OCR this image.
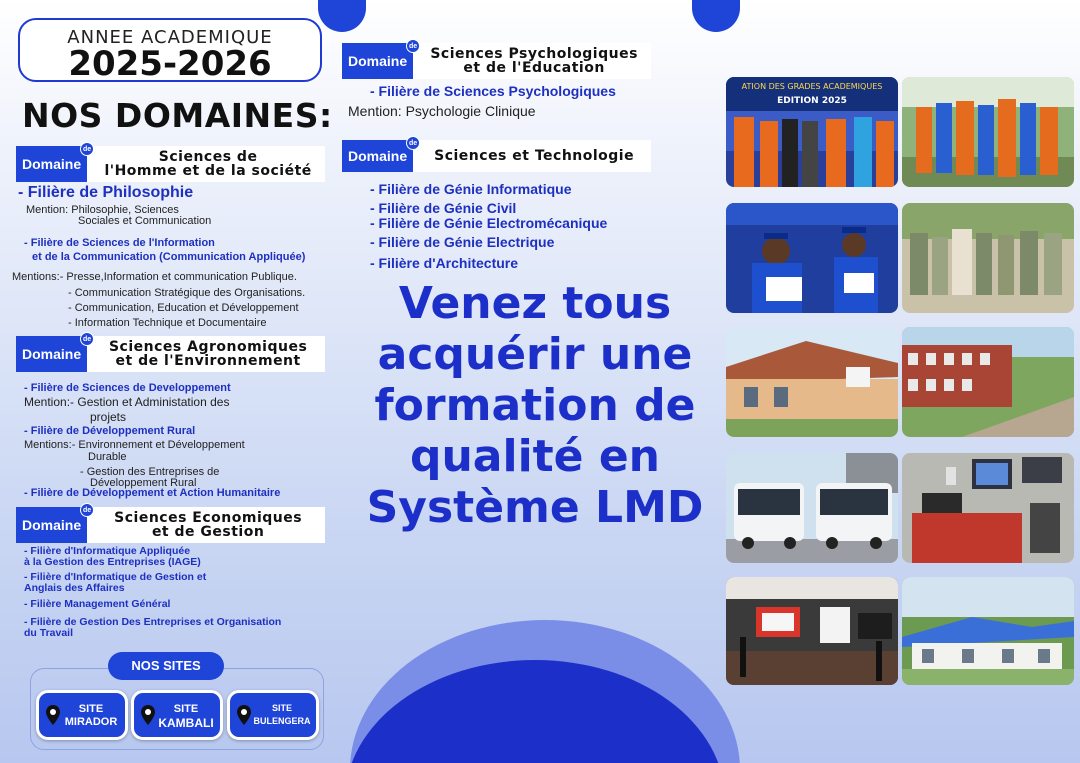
ANNEE ACADEMIQUE
2025-2026
NOS DOMAINES:
Domaine
de	Sciences de
l'Homme et de la société
- Filière de Philosophie
Mention: Philosophie, Sciences
Sociales et Communication
- Filière de Sciences de l'Information
et de la Communication (Communication Appliquée)
Mentions:- Presse,Information et communication Publique.
- Communication Stratégique des Organisations.
- Communication, Education et Développement
- Information Technique et Documentaire
Domaine
de Sciences Agronomiques
et de l'Environnement
- Filière de Sciences de Developpement
Mention:- Gestion et Administation des
projets
- Filière de Développement Rural
Mentions:- Environnement et Développement
Durable
- Gestion des Entreprises de
Développement Rural
- Filière de Développement et Action Humanitaire
Domaine
de Sciences Economiques
et de Gestion
- Filière d'Informatique Appliquée
à la Gestion des Entreprises (IAGE)
- Filière d'Informatique de Gestion et
Anglais des Affaires
- Filière Management Général
- Filière de Gestion Des Entreprises et Organisation
du Travail
Domaine
de Sciences Psychologiques
et de l'Education
- Filière de Sciences Psychologiques
Mention: Psychologie Clinique
Domaine
de
Sciences et Technologie
- Filière de Génie Informatique
- Filière de Génie Civil
- Filière de Génie Electromécanique
- Filière de Génie Electrique
- Filière d'Architecture
Venez tous
acquérir une
formation de
qualité en
Système LMD
ATION DES GRADES ACADEMIQUES
EDITION 2025
NOS SITES
SITE
MIRADOR
SITE
KAMBALI
SITE
BULENGERA
